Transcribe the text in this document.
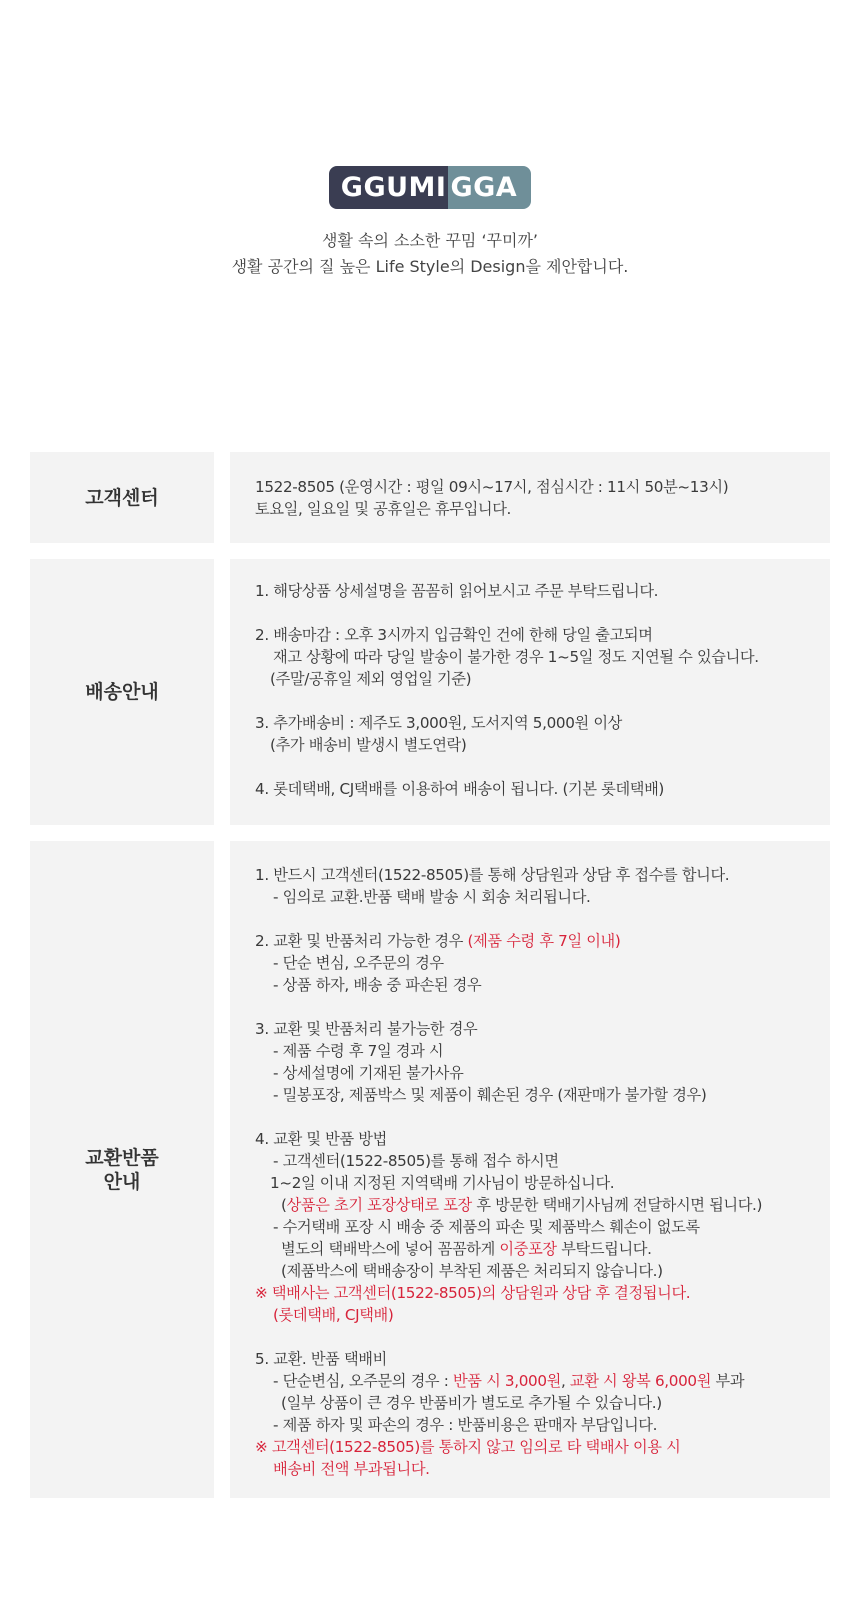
GGUMI GGA
생활 속의 소소한 꾸밈 ‘꾸미까’
생활 공간의 질 높은 Life Style의 Design을 제안합니다.
고객센터	1522-8505 (운영시간 : 평일 09시~17시, 점심시간 : 11시 50분~13시)
토요일, 일요일 및 공휴일은 휴무입니다.
배송안내
1. 해당상품 상세설명을 꼼꼼히 읽어보시고 주문 부탁드립니다.
2. 배송마감 : 오후 3시까지 입금확인 건에 한해 당일 출고되며
재고 상황에 따라 당일 발송이 불가한 경우 1~5일 정도 지연될 수 있습니다.
(주말/공휴일 제외 영업일 기준)
3. 추가배송비 : 제주도 3,000원, 도서지역 5,000원 이상
(추가 배송비 발생시 별도연락)
4. 롯데택배, CJ택배를 이용하여 배송이 됩니다. (기본 롯데택배)
교환반품
안내
1. 반드시 고객센터(1522-8505)를 통해 상담원과 상담 후 접수를 합니다.
- 임의로 교환.반품 택배 발송 시 회송 처리됩니다.
2. 교환 및 반품처리 가능한 경우 (제품 수령 후 7일 이내)
- 단순 변심, 오주문의 경우
- 상품 하자, 배송 중 파손된 경우
3. 교환 및 반품처리 불가능한 경우
- 제품 수령 후 7일 경과 시
- 상세설명에 기재된 불가사유
- 밀봉포장, 제품박스 및 제품이 훼손된 경우 (재판매가 불가할 경우)
4. 교환 및 반품 방법
- 고객센터(1522-8505)를 통해 접수 하시면
1~2일 이내 지정된 지역택배 기사님이 방문하십니다.
(상품은 초기 포장상태로 포장 후 방문한 택배기사님께 전달하시면 됩니다.)
- 수거택배 포장 시 배송 중 제품의 파손 및 제품박스 훼손이 없도록
별도의 택배박스에 넣어 꼼꼼하게 이중포장 부탁드립니다.
(제품박스에 택배송장이 부착된 제품은 처리되지 않습니다.)
※ 택배사는 고객센터(1522-8505)의 상담원과 상담 후 결정됩니다.
(롯데택배, CJ택배)
5. 교환. 반품 택배비
- 단순변심, 오주문의 경우 : 반품 시 3,000원, 교환 시 왕복 6,000원 부과
(일부 상품이 큰 경우 반품비가 별도로 추가될 수 있습니다.)
- 제품 하자 및 파손의 경우 : 반품비용은 판매자 부담입니다.
※ 고객센터(1522-8505)를 통하지 않고 임의로 타 택배사 이용 시
배송비 전액 부과됩니다.
